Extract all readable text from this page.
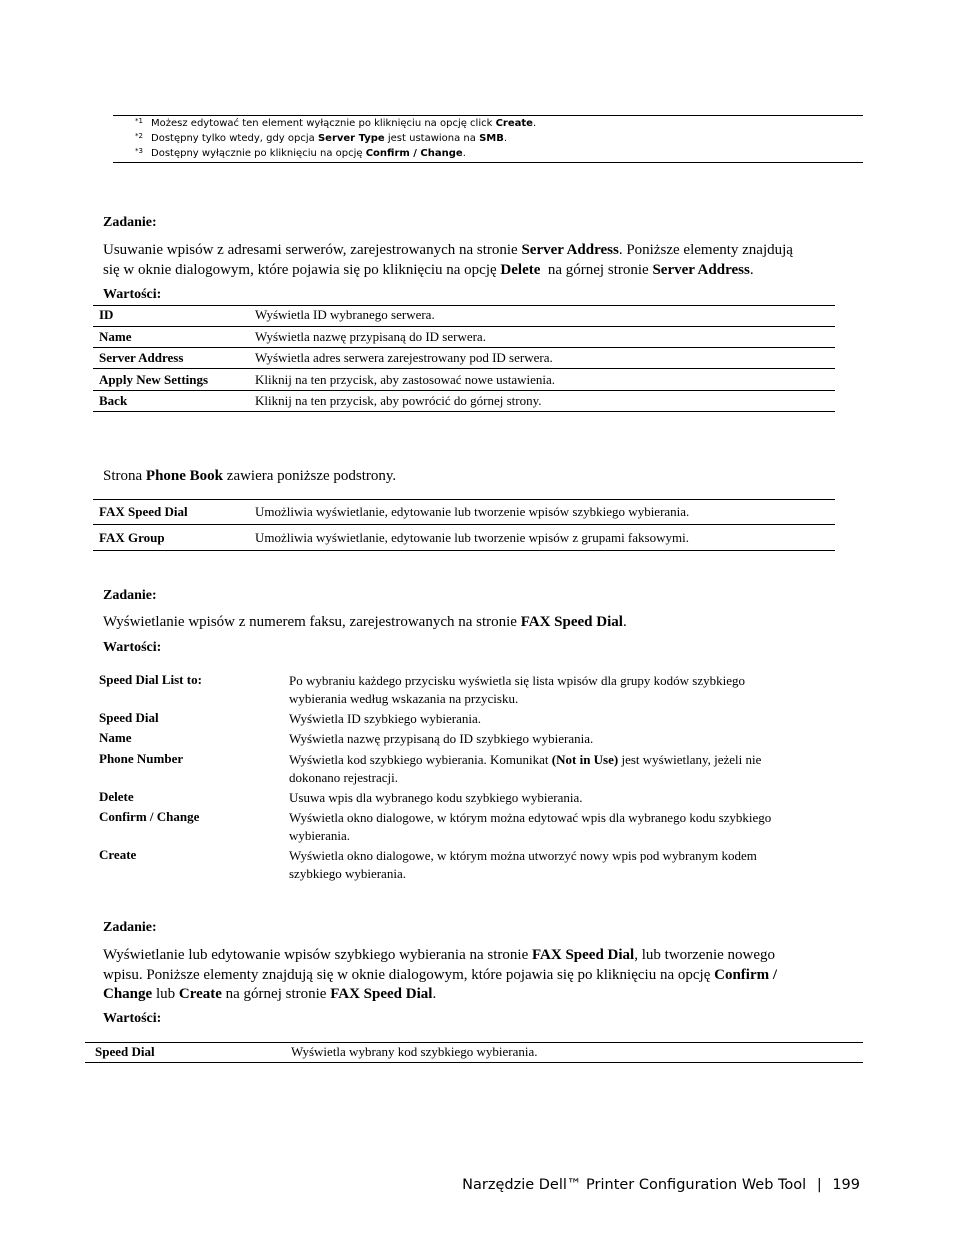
*1 Możesz edytować ten element wyłącznie po kliknięciu na opcję click Create.
*2 Dostępny tylko wtedy, gdy opcja Server Type jest ustawiona na SMB.
*3 Dostępny wyłącznie po kliknięciu na opcję Confirm / Change.
Zadanie:
Usuwanie wpisów z adresami serwerów, zarejestrowanych na stronie Server Address. Poniższe elementy znajdują
się w oknie dialogowym, które pojawia się po kliknięciu na opcję Delete  na górnej stronie Server Address.
Wartości:
ID	Wyświetla ID wybranego serwera.
Name	Wyświetla nazwę przypisaną do ID serwera.
Server Address	Wyświetla adres serwera zarejestrowany pod ID serwera.
Apply New Settings	Kliknij na ten przycisk, aby zastosować nowe ustawienia.
Back	Kliknij na ten przycisk, aby powrócić do górnej strony.
Strona Phone Book zawiera poniższe podstrony.
FAX Speed Dial	Umożliwia wyświetlanie, edytowanie lub tworzenie wpisów szybkiego wybierania.
FAX Group	Umożliwia wyświetlanie, edytowanie lub tworzenie wpisów z grupami faksowymi.
Zadanie:
Wyświetlanie wpisów z numerem faksu, zarejestrowanych na stronie FAX Speed Dial.
Wartości:
Speed Dial List to:	Po wybraniu każdego przycisku wyświetla się lista wpisów dla grupy kodów szybkiego
wybierania według wskazania na przycisku.
Speed Dial	Wyświetla ID szybkiego wybierania.
Name	Wyświetla nazwę przypisaną do ID szybkiego wybierania.
Phone Number	Wyświetla kod szybkiego wybierania. Komunikat (Not in Use) jest wyświetlany, jeżeli nie
dokonano rejestracji.
Delete	Usuwa wpis dla wybranego kodu szybkiego wybierania.
Confirm / Change	Wyświetla okno dialogowe, w którym można edytować wpis dla wybranego kodu szybkiego
wybierania.
Create	Wyświetla okno dialogowe, w którym można utworzyć nowy wpis pod wybranym kodem
szybkiego wybierania.
Zadanie:
Wyświetlanie lub edytowanie wpisów szybkiego wybierania na stronie FAX Speed Dial, lub tworzenie nowego
wpisu. Poniższe elementy znajdują się w oknie dialogowym, które pojawia się po kliknięciu na opcję Confirm /
Change lub Create na górnej stronie FAX Speed Dial.
Wartości:
Speed Dial	Wyświetla wybrany kod szybkiego wybierania.
Narzędzie Dell™ Printer Configuration Web Tool | 199
